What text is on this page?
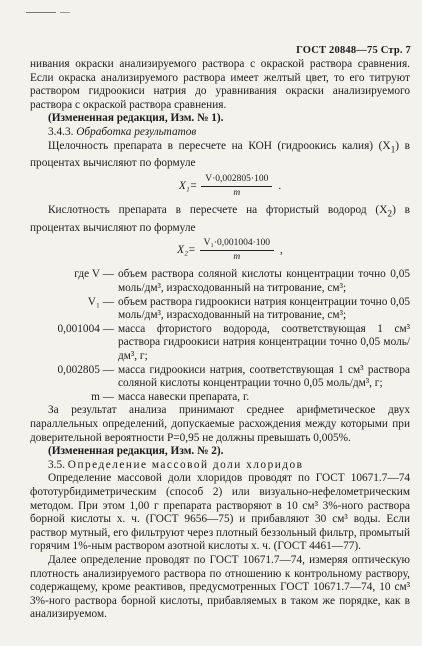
ГОСТ 20848—75 Стр. 7

нивания окраски анализируемого раствора с окраской раствора сравнения. Если окраска анализируемого раствора имеет желтый цвет, то его титруют раствором гидроокиси натрия до уравнивания окраски анализируемого раствора с окраской раствора сравнения.

(Измененная редакция, Изм. № 1).

3.4.3. Обработка результатов

Щелочность препарата в пересчете на КОН (гидроокись калия) $(X_1)$ в процентах вычисляют по формуле

$X_1= \frac{V\cdot 0,002805\cdot 100}{m}$ .

Кислотность препарата в пересчете на фтористый водород $(X_2)$ в процентах вычисляют по формуле

$X_2= \frac{\text{V₁·0,001004·100}}{m}$ ,
где V — объем раствора соляной кислоты концентрации точно 0,05 моль/дм³, израсходованный на титрование, см³;
V₁ — объем раствора гидроокиси натрия концентрации точно 0,05 моль/дм³, израсходованный на титрование, см³;
0,001004 — масса фтористого водорода, соответствующая 1 см³ раствора гидроокиси натрия концентрации точно 0,05 моль/дм³, г;
0,002805 — масса гидроокиси натрия, соответствующая 1 см³ раствора соляной кислоты концентрации точно 0,05 моль/дм³, г;
m — масса навески препарата, г.

За результат анализа принимают среднее арифметическое двух параллельных определений, допускаемые расхождения между которыми при доверительной вероятности P=0,95 не должны превышать 0,005%.

(Измененная редакция, Изм. № 2).

3.5. Определение массовой доли хлоридов

Определение массовой доли хлоридов проводят по ГОСТ 10671.7—74 фототурбидиметрическим (способ 2) или визуально-нефелометрическим методом. При этом 1,00 г препарата растворяют в 10 см³ 3%-ного раствора борной кислоты х. ч. (ГОСТ 9656—75) и прибавляют 30 см³ воды. Если раствор мутный, его фильтруют через плотный беззольный фильтр, промытый горячим 1%-ным раствором азотной кислоты х. ч. (ГОСТ 4461—77).

Далее определение проводят по ГОСТ 10671.7—74, измеряя оптическую плотность анализируемого раствора по отношению к контрольному раствору, содержащему, кроме реактивов, предусмотренных ГОСТ 10671.7—74, 10 см³ 3%-ного раствора борной кислоты, прибавляемых в таком же порядке, как в анализируемом.
